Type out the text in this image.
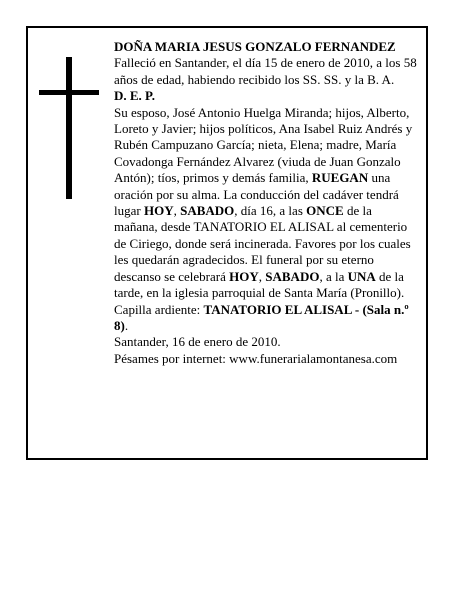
DOÑA MARIA JESUS GONZALO FERNANDEZ

Falleció en Santander, el día 15 de enero de 2010, a los 58 años de edad, habiendo recibido los SS. SS. y la B. A.

D. E. P.

Su esposo, José Antonio Huelga Miranda; hijos, Alberto, Loreto y Javier; hijos políticos, Ana Isabel Ruiz Andrés y Rubén Campuzano García; nieta, Elena; madre, María Covadonga Fernández Alvarez (viuda de Juan Gonzalo Antón); tíos, primos y demás familia, RUEGAN una oración por su alma. La conducción del cadáver tendrá lugar HOY, SABADO, día 16, a las ONCE de la mañana, desde TANATORIO EL ALISAL al cementerio de Ciriego, donde será incinerada. Favores por los cuales les quedarán agradecidos. El funeral por su eterno descanso se celebrará HOY, SABADO, a la UNA de la tarde, en la iglesia parroquial de Santa María (Pronillo).

Capilla ardiente: TANATORIO EL ALISAL - (Sala n.º 8).

Santander, 16 de enero de 2010.

Pésames por internet: www.funerarialamontanesa.com
